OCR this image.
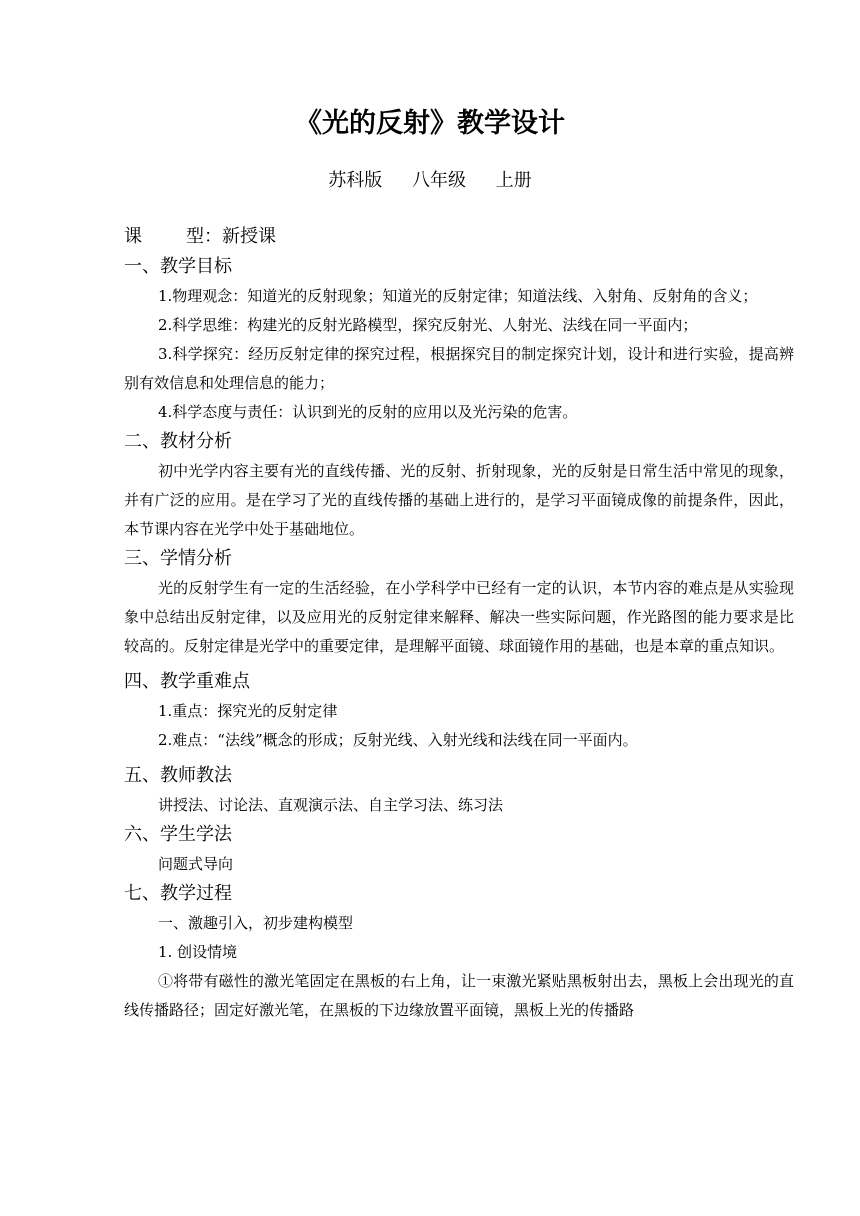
《光的反射》教学设计
苏科版 八年级 上册
课 型：新授课
一、教学目标

1.物理观念：知道光的反射现象；知道光的反射定律；知道法线、入射角、反射角的含义；

2.科学思维：构建光的反射光路模型，探究反射光、人射光、法线在同一平面内；

3.科学探究：经历反射定律的探究过程，根据探究目的制定探究计划，设计和进行实验，提高辨别有效信息和处理信息的能力；

4.科学态度与责任：认识到光的反射的应用以及光污染的危害。

二、教材分析

初中光学内容主要有光的直线传播、光的反射、折射现象，光的反射是日常生活中常见的现象，并有广泛的应用。是在学习了光的直线传播的基础上进行的，是学习平面镜成像的前提条件，因此，本节课内容在光学中处于基础地位。

三、学情分析

光的反射学生有一定的生活经验，在小学科学中已经有一定的认识，本节内容的难点是从实验现象中总结出反射定律，以及应用光的反射定律来解释、解决一些实际问题，作光路图的能力要求是比较高的。反射定律是光学中的重要定律，是理解平面镜、球面镜作用的基础，也是本章的重点知识。

四、教学重难点

1.重点：探究光的反射定律

2.难点：“法线”概念的形成；反射光线、入射光线和法线在同一平面内。

五、教师教法

讲授法、讨论法、直观演示法、自主学习法、练习法

六、学生学法

问题式导向

七、教学过程

一、激趣引入，初步建构模型

1. 创设情境

①将带有磁性的激光笔固定在黑板的右上角，让一束激光紧贴黑板射出去，黑板上会出现光的直线传播路径；固定好激光笔，在黑板的下边缘放置平面镜，黑板上光的传播路
